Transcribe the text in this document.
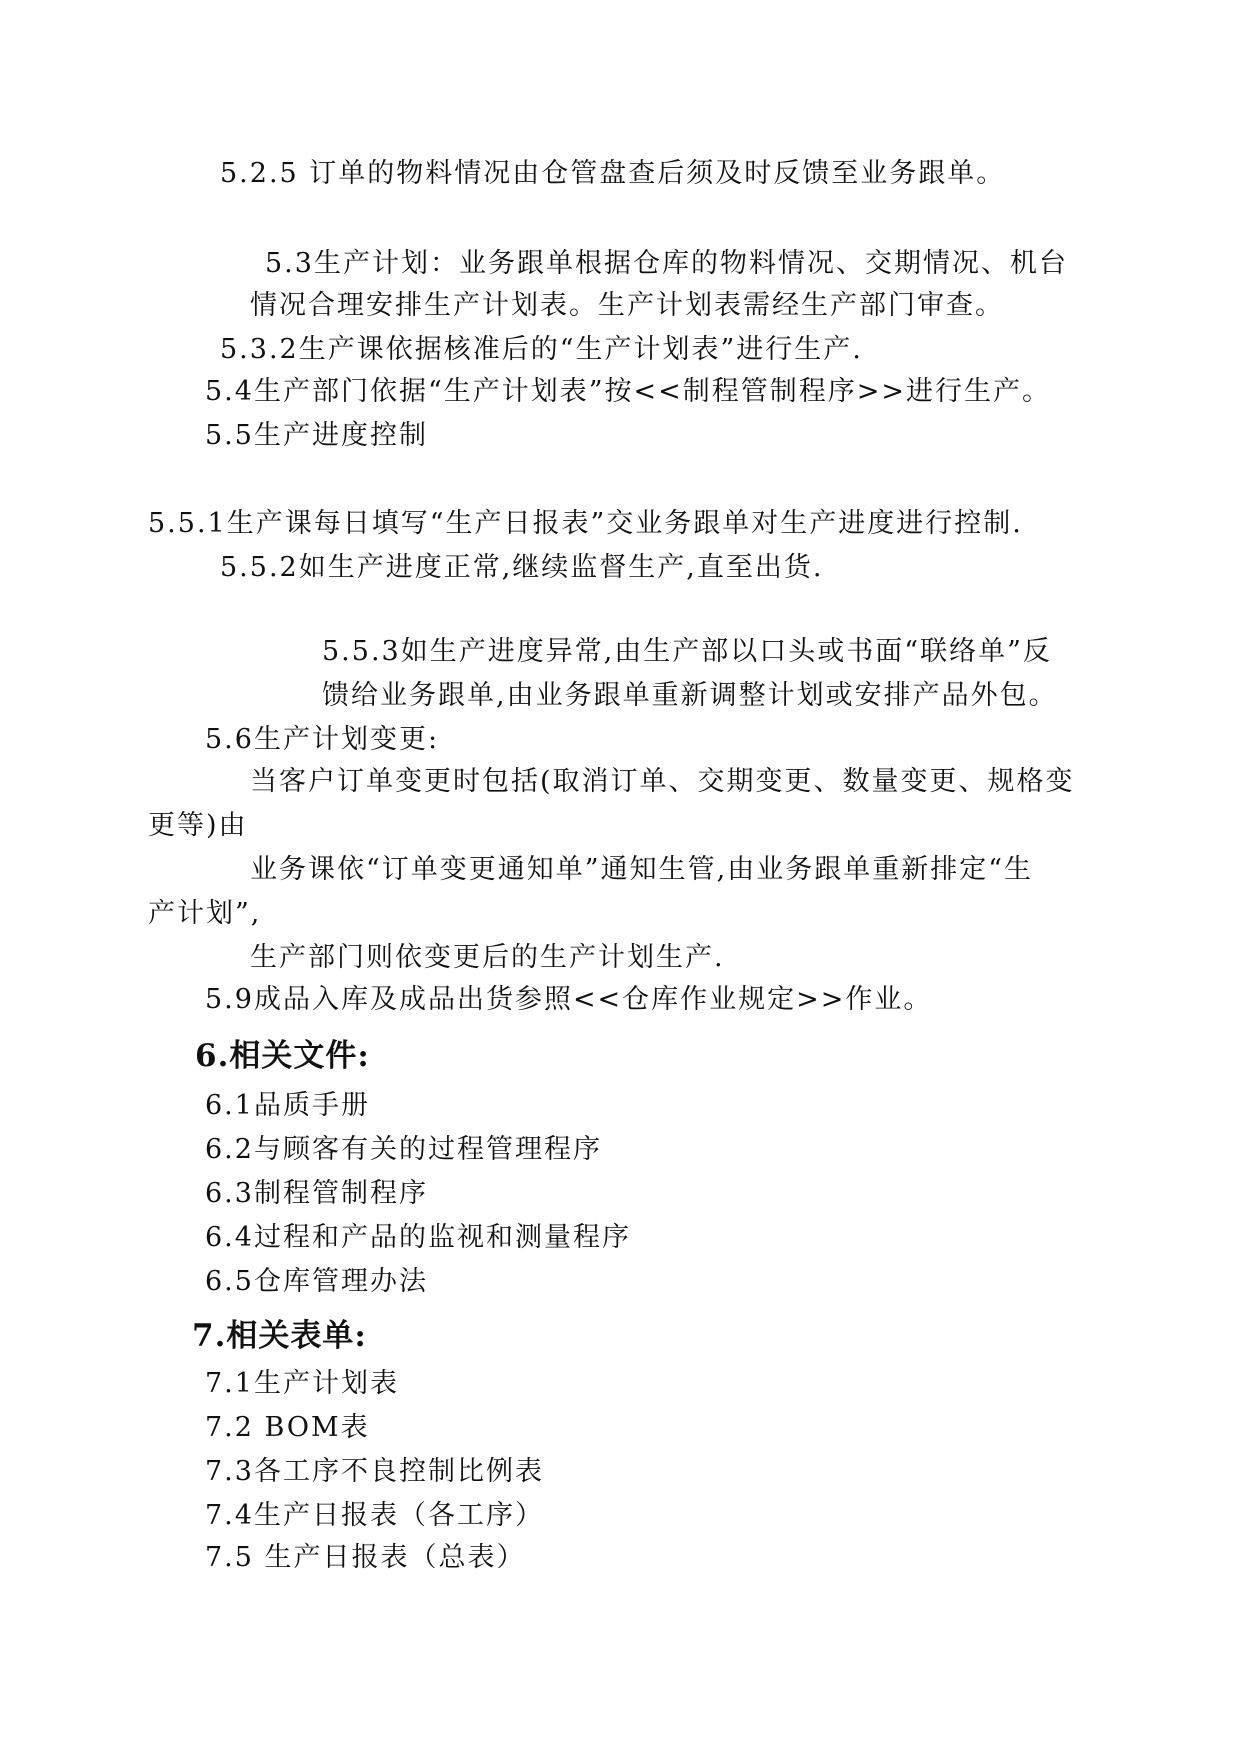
5.2.5 订单的物料情况由仓管盘查后须及时反馈至业务跟单。
5.3生产计划：业务跟单根据仓库的物料情况、交期情况、机台
情况合理安排生产计划表。生产计划表需经生产部门审查。
5.3.2生产课依据核准后的“生产计划表”进行生产.
5.4生产部门依据“生产计划表”按<<制程管制程序>>进行生产。
5.5生产进度控制
5.5.1生产课每日填写“生产日报表”交业务跟单对生产进度进行控制.
5.5.2如生产进度正常,继续监督生产,直至出货.
5.5.3如生产进度异常,由生产部以口头或书面“联络单”反
馈给业务跟单,由业务跟单重新调整计划或安排产品外包。
5.6生产计划变更:
当客户订单变更时包括(取消订单、交期变更、数量变更、规格变
更等)由
业务课依“订单变更通知单”通知生管,由业务跟单重新排定“生
产计划”,
生产部门则依变更后的生产计划生产.
5.9成品入库及成品出货参照<<仓库作业规定>>作业。
6.相关文件:
6.1品质手册
6.2与顾客有关的过程管理程序
6.3制程管制程序
6.4过程和产品的监视和测量程序
6.5仓库管理办法
7.相关表单:
7.1生产计划表
7.2 BOM表
7.3各工序不良控制比例表
7.4生产日报表（各工序）
7.5 生产日报表（总表）
